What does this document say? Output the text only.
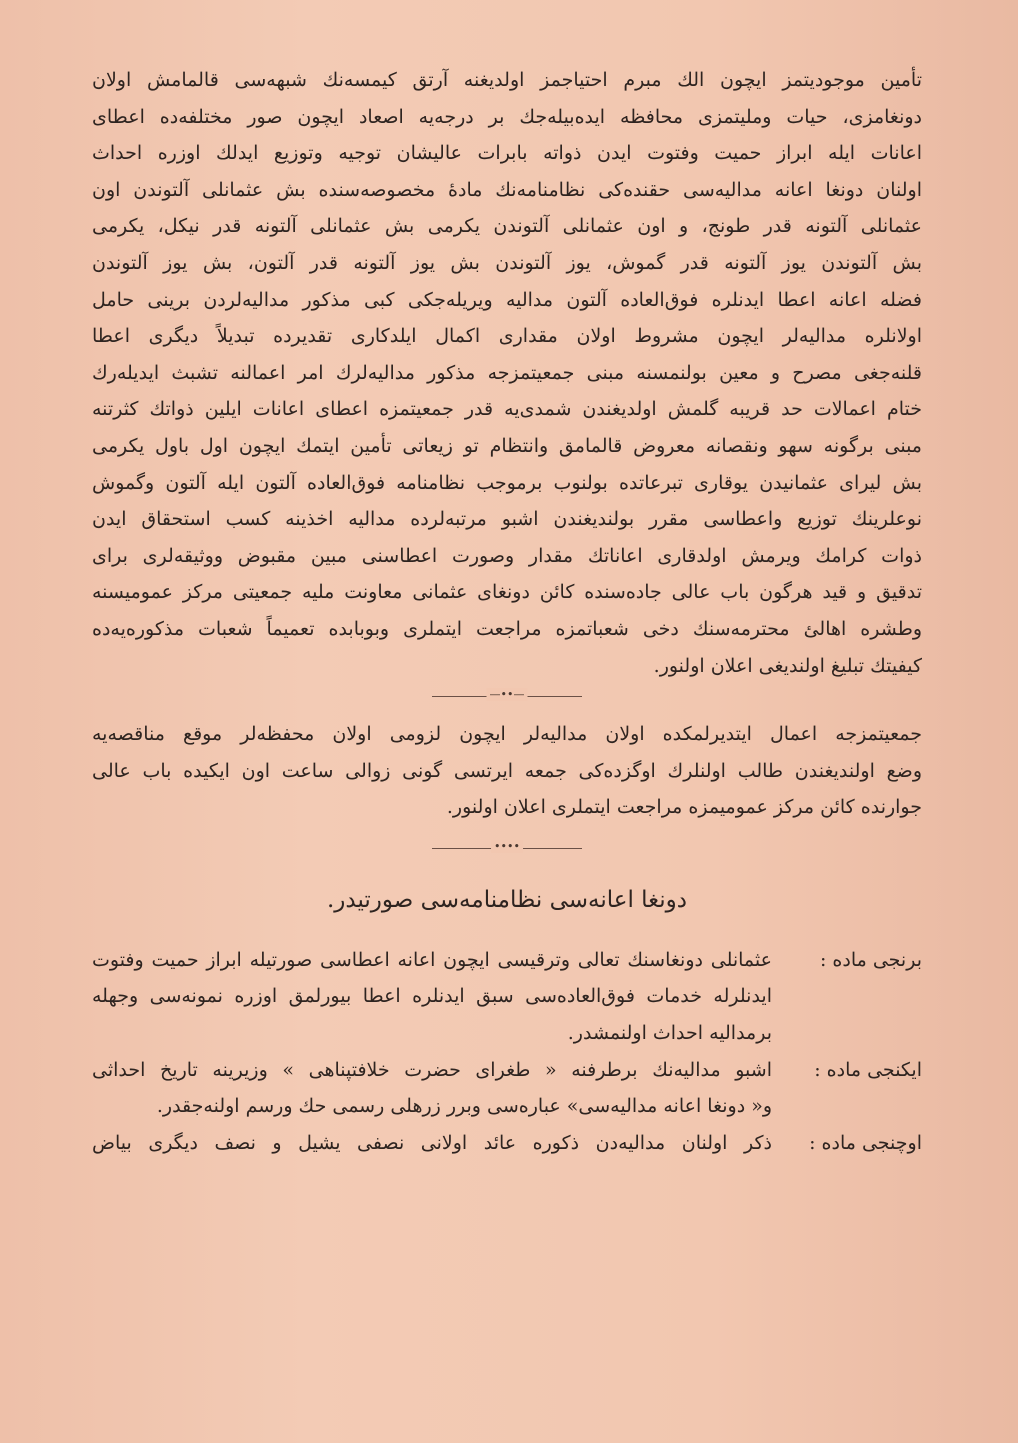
تأمین موجودیتمز ایچون الك مبرم احتیاجمز اولدیغنه آرتق کیمسه‌نك شبهه‌سی قالمامش اولان
دونغامزی، حیات وملیتمزی محافظه ایده‌بیله‌جك بر درجه‌یه اصعاد ایچون صور مختلفه‌ده اعطای
اعانات ایله ابراز حمیت وفتوت ایدن ذواته بابرات عالیشان توجیه وتوزیع ایدلك اوزره احداث
اولنان دونغا اعانه مدالیه‌سی حقنده‌کی نظامنامه‌نك مادهٔ مخصوصه‌سنده بش عثمانلی آلتوندن اون
عثمانلی آلتونه قدر طونج، و اون عثمانلی آلتوندن یکرمی بش عثمانلی آلتونه قدر نیکل، یکرمی
بش آلتوندن یوز آلتونه قدر گموش، یوز آلتوندن بش یوز آلتونه قدر آلتون، بش یوز آلتوندن
فضله اعانه اعطا ایدنلره فوق‌العاده آلتون مدالیه ویریله‌جکی کبی مذکور مدالیه‌لردن برینی حامل
اولانلره مدالیه‌لر ایچون مشروط اولان مقداری اکمال ایلدکاری تقدیرده تبدیلاً دیگری اعطا
قلنه‌جغی مصرح و معین بولنمسنه مبنی جمعیتمزجه مذکور مدالیه‌لرك امر اعمالنه تشبث ایدیله‌رك
ختام اعمالات حد قریبه گلمش اولدیغندن شمدی‌یه قدر جمعیتمزه اعطای اعانات ایلین ذواتك کثرتنه
مبنی برگونه سهو ونقصانه معروض قالمامق وانتظام تو زیعاتی تأمین ایتمك ایچون اول باول یکرمی
بش لیرای عثمانیدن یوقاری تبرعاتده بولنوب برموجب نظامنامه فوق‌العاده آلتون ایله آلتون وگموش
نوعلرینك توزیع واعطاسی مقرر بولندیغندن اشبو مرتبه‌لرده مدالیه اخذینه کسب استحقاق ایدن
ذوات کرامك ویرمش اولدقاری اعاناتك مقدار وصورت اعطاسنی مبین مقبوض ووثیقه‌لری برای
تدقیق و قید هرگون باب عالی جاده‌سنده کائن دونغای عثمانی معاونت ملیه جمعیتی مرکز عمومیسنه
وطشره اهالئ محترمه‌سنك دخی شعباتمزه مراجعت ایتملری وبوبابده تعمیماً شعبات مذکوره‌یه‌ده
کیفیتك تبلیغ اولندیغی اعلان اولنور.
—••—
جمعیتمزجه اعمال ایتدیرلمکده اولان مدالیه‌لر ایچون لزومی اولان محفظه‌لر موقع مناقصه‌یه
وضع اولندیغندن طالب اولنلرك اوگزده‌کی جمعه ایرتسی گونی زوالی ساعت اون ایکیده باب عالی
جوارنده کائن مرکز عمومیمزه مراجعت ایتملری اعلان اولنور.
••••
دونغا اعانه‌سی نظامنامه‌سی صورتیدر.
برنجی ماده :
عثمانلی دونغاسنك تعالی وترقیسی ایچون اعانه اعطاسی صورتیله ابراز حمیت وفتوت
ایدنلرله خدمات فوق‌العاده‌سی سبق ایدنلره اعطا بیورلمق اوزره نمونه‌سی وجهله
برمدالیه احداث اولنمشدر.
ایکنجی ماده :
اشبو مدالیه‌نك برطرفنه « طغرای حضرت خلافتپناهی » وزیرینه تاریخ احداثی
و« دونغا اعانه مدالیه‌سی» عباره‌سی وبرر زرهلی رسمی حك ورسم اولنه‌جقدر.
اوچنجی ماده :
ذکر اولنان مدالیه‌دن ذکوره عائد اولانی نصفی یشیل و نصف دیگری بیاض
